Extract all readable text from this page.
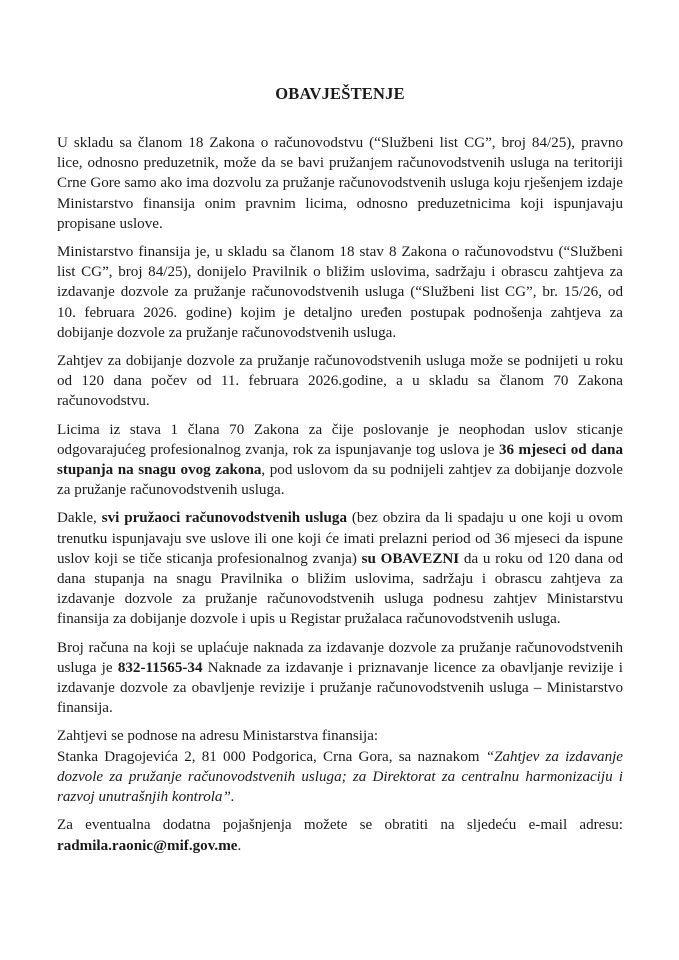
OBAVJEŠTENJE

U skladu sa članom 18 Zakona o računovodstvu (“Službeni list CG”, broj 84/25), pravno lice, odnosno preduzetnik, može da se bavi pružanjem računovodstvenih usluga na teritoriji Crne Gore samo ako ima dozvolu za pružanje računovodstvenih usluga koju rješenjem izdaje Ministarstvo finansija onim pravnim licima, odnosno preduzetnicima koji ispunjavaju propisane uslove.

Ministarstvo finansija je, u skladu sa članom 18 stav 8 Zakona o računovodstvu (“Službeni list CG”, broj 84/25), donijelo Pravilnik o bližim uslovima, sadržaju i obrascu zahtjeva za izdavanje dozvole za pružanje računovodstvenih usluga (“Službeni list CG”, br. 15/26, od 10. februara 2026. godine) kojim je detaljno uređen postupak podnošenja zahtjeva za dobijanje dozvole za pružanje računovodstvenih usluga.

Zahtjev za dobijanje dozvole za pružanje računovodstvenih usluga može se podnijeti u roku od 120 dana počev od 11. februara 2026.godine, a u skladu sa članom 70 Zakona računovodstvu.

Licima iz stava 1 člana 70 Zakona za čije poslovanje je neophodan uslov sticanje odgovarajućeg profesionalnog zvanja, rok za ispunjavanje tog uslova je 36 mjeseci od dana stupanja na snagu ovog zakona, pod uslovom da su podnijeli zahtjev za dobijanje dozvole za pružanje računovodstvenih usluga.

Dakle, svi pružaoci računovodstvenih usluga (bez obzira da li spadaju u one koji u ovom trenutku ispunjavaju sve uslove ili one koji će imati prelazni period od 36 mjeseci da ispune uslov koji se tiče sticanja profesionalnog zvanja) su OBAVEZNI da u roku od 120 dana od dana stupanja na snagu Pravilnika o bližim uslovima, sadržaju i obrascu zahtjeva za izdavanje dozvole za pružanje računovodstvenih usluga podnesu zahtjev Ministarstvu finansija za dobijanje dozvole i upis u Registar pružalaca računovodstvenih usluga.

Broj računa na koji se uplaćuje naknada za izdavanje dozvole za pružanje računovodstvenih usluga je 832-11565-34 Naknade za izdavanje i priznavanje licence za obavljanje revizije i izdavanje dozvole za obavljenje revizije i pružanje računovodstvenih usluga – Ministarstvo finansija.

Zahtjevi se podnose na adresu Ministarstva finansija:
Stanka Dragojevića 2, 81 000 Podgorica, Crna Gora, sa naznakom “Zahtjev za izdavanje dozvole za pružanje računovodstvenih usluga; za Direktorat za centralnu harmonizaciju i razvoj unutrašnjih kontrola”.

Za eventualna dodatna pojašnjenja možete se obratiti na sljedeću e-mail adresu: radmila.raonic@mif.gov.me.
